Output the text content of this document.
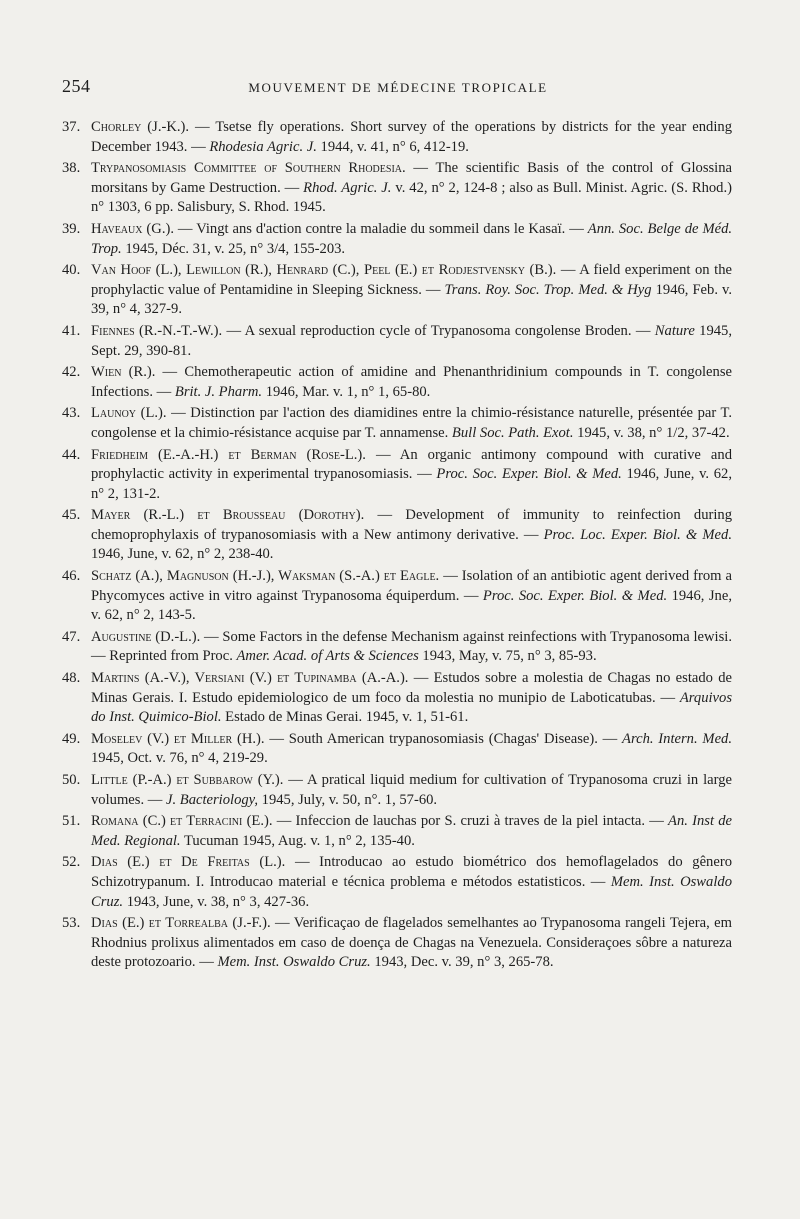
254	MOUVEMENT DE MÉDECINE TROPICALE
37. Chorley (J.-K.). — Tsetse fly operations. Short survey of the operations by districts for the year ending December 1943. — Rhodesia Agric. J. 1944, v. 41, n° 6, 412-19.
38. Trypanosomiasis Committee of Southern Rhodesia. — The scientific Basis of the control of Glossina morsitans by Game Destruction. — Rhod. Agric. J. v. 42, n° 2, 124-8 ; also as Bull. Minist. Agric. (S. Rhod.) n° 1303, 6 pp. Salisbury, S. Rhod. 1945.
39. Haveaux (G.). — Vingt ans d'action contre la maladie du sommeil dans le Kasaï. — Ann. Soc. Belge de Méd. Trop. 1945, Déc. 31, v. 25, n° 3/4, 155-203.
40. Van Hoof (L.), Lewillon (R.), Henrard (C.), Peel (E.) et Rodjestvensky (B.). — A field experiment on the prophylactic value of Pentamidine in Sleeping Sickness. — Trans. Roy. Soc. Trop. Med. & Hyg 1946, Feb. v. 39, n° 4, 327-9.
41. Fiennes (R.-N.-T.-W.). — A sexual reproduction cycle of Trypanosoma congolense Broden. — Nature 1945, Sept. 29, 390-81.
42. Wien (R.). — Chemotherapeutic action of amidine and Phenanthridinium compounds in T. congolense Infections. — Brit. J. Pharm. 1946, Mar. v. 1, n° 1, 65-80.
43. Launoy (L.). — Distinction par l'action des diamidines entre la chimio-résistance naturelle, présentée par T. congolense et la chimio-résistance acquise par T. annamense. Bull Soc. Path. Exot. 1945, v. 38, n° 1/2, 37-42.
44. Friedheim (E.-A.-H.) et Berman (Rose-L.). — An organic antimony compound with curative and prophylactic activity in experimental trypanosomiasis. — Proc. Soc. Exper. Biol. & Med. 1946, June, v. 62, n° 2, 131-2.
45. Mayer (R.-L.) et Brousseau (Dorothy). — Development of immunity to reinfection during chemoprophylaxis of trypanosomiasis with a New antimony derivative. — Proc. Loc. Exper. Biol. & Med. 1946, June, v. 62, n° 2, 238-40.
46. Schatz (A.), Magnuson (H.-J.), Waksman (S.-A.) et Eagle. — Isolation of an antibiotic agent derived from a Phycomyces active in vitro against Trypanosoma équiperdum. — Proc. Soc. Exper. Biol. & Med. 1946, Jne, v. 62, n° 2, 143-5.
47. Augustine (D.-L.). — Some Factors in the defense Mechanism against reinfections with Trypanosoma lewisi. — Reprinted from Proc. Amer. Acad. of Arts & Sciences 1943, May, v. 75, n° 3, 85-93.
48. Martins (A.-V.), Versiani (V.) et Tupinamba (A.-A.). — Estudos sobre a molestia de Chagas no estado de Minas Gerais. I. Estudo epidemiologico de um foco da molestia no munipio de Laboticatubas. — Arquivos do Inst. Quimico-Biol. Estado de Minas Gerai. 1945, v. 1, 51-61.
49. Moselev (V.) et Miller (H.). — South American trypanosomiasis (Chagas' Disease). — Arch. Intern. Med. 1945, Oct. v. 76, n° 4, 219-29.
50. Little (P.-A.) et Subbarow (Y.). — A pratical liquid medium for cultivation of Trypanosoma cruzi in large volumes. — J. Bacteriology, 1945, July, v. 50, n°. 1, 57-60.
51. Romana (C.) et Terracini (E.). — Infeccion de lauchas por S. cruzi à traves de la piel intacta. — An. Inst de Med. Regional. Tucuman 1945, Aug. v. 1, n° 2, 135-40.
52. Dias (E.) et De Freitas (L.). — Introducao ao estudo biométrico dos hemoflagelados do gênero Schizotrypanum. I. Introducao material e técnica problema e métodos estatisticos. — Mem. Inst. Oswaldo Cruz. 1943, June, v. 38, n° 3, 427-36.
53. Dias (E.) et Torrealba (J.-F.). — Verificaçao de flagelados semelhantes ao Trypanosoma rangeli Tejera, em Rhodnius prolixus alimentados em caso de doença de Chagas na Venezuela. Consideraçoes sôbre a natureza deste protozoario. — Mem. Inst. Oswaldo Cruz. 1943, Dec. v. 39, n° 3, 265-78.
